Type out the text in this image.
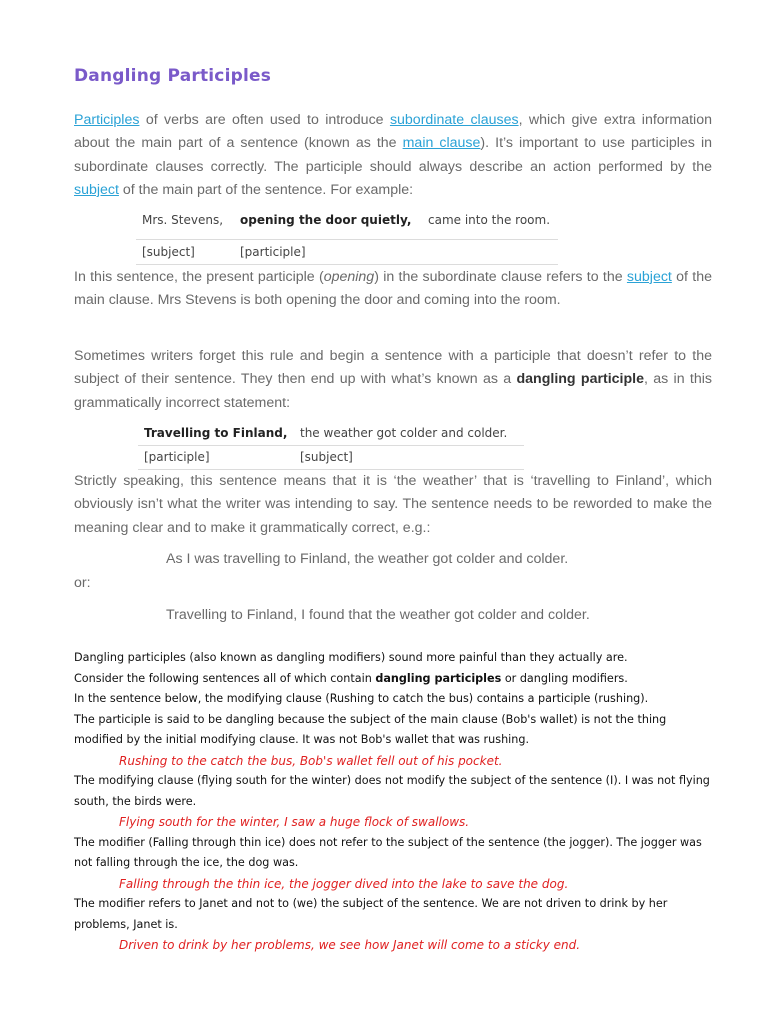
Dangling Participles

Participles of verbs are often used to introduce subordinate clauses, which give extra information about the main part of a sentence (known as the main clause). It’s important to use participles in subordinate clauses correctly. The participle should always describe an action performed by the subject of the main part of the sentence. For example:

Mrs. Stevens,	opening the door quietly,	came into the room.
[subject]	[participle]	

In this sentence, the present participle (opening) in the subordinate clause refers to the subject of the main clause. Mrs Stevens is both opening the door and coming into the room.

Sometimes writers forget this rule and begin a sentence with a participle that doesn’t refer to the subject of their sentence. They then end up with what’s known as a dangling participle, as in this grammatically incorrect statement:

Travelling to Finland,	the weather got colder and colder.
[participle]	[subject]

Strictly speaking, this sentence means that it is ‘the weather’ that is ‘travelling to Finland’, which obviously isn’t what the writer was intending to say. The sentence needs to be reworded to make the meaning clear and to make it grammatically correct, e.g.:

As I was travelling to Finland, the weather got colder and colder.
or:
Travelling to Finland, I found that the weather got colder and colder.
Dangling participles (also known as dangling modifiers) sound more painful than they actually are.
Consider the following sentences all of which contain dangling participles or dangling modifiers.
In the sentence below, the modifying clause (Rushing to catch the bus) contains a participle (rushing).
The participle is said to be dangling because the subject of the main clause (Bob's wallet) is not the thing modified by the initial modifying clause. It was not Bob's wallet that was rushing.
Rushing to the catch the bus, Bob's wallet fell out of his pocket.
The modifying clause (flying south for the winter) does not modify the subject of the sentence (I). I was not flying south, the birds were.
Flying south for the winter, I saw a huge flock of swallows.
The modifier (Falling through thin ice) does not refer to the subject of the sentence (the jogger). The jogger was not falling through the ice, the dog was.
Falling through the thin ice, the jogger dived into the lake to save the dog.
The modifier refers to Janet and not to (we) the subject of the sentence. We are not driven to drink by her problems, Janet is.
Driven to drink by her problems, we see how Janet will come to a sticky end.
